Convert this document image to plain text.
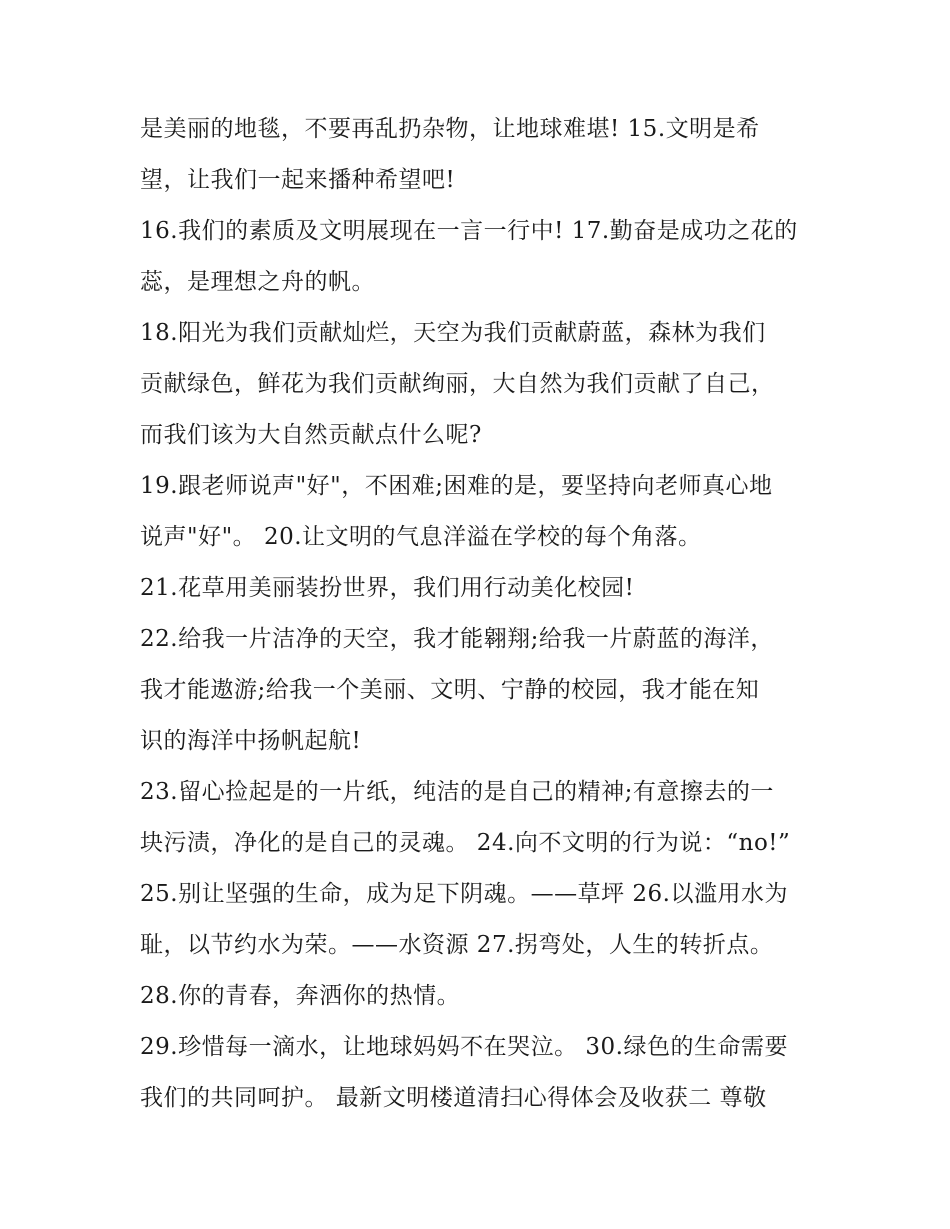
是美丽的地毯，不要再乱扔杂物，让地球难堪! 15.文明是希
望，让我们一起来播种希望吧!
16.我们的素质及文明展现在一言一行中! 17.勤奋是成功之花的
蕊，是理想之舟的帆。
18.阳光为我们贡献灿烂，天空为我们贡献蔚蓝，森林为我们
贡献绿色，鲜花为我们贡献绚丽，大自然为我们贡献了自己，
而我们该为大自然贡献点什么呢?
19.跟老师说声"好"，不困难;困难的是，要坚持向老师真心地
说声"好"。 20.让文明的气息洋溢在学校的每个角落。
21.花草用美丽装扮世界，我们用行动美化校园!
22.给我一片洁净的天空，我才能翱翔;给我一片蔚蓝的海洋，
我才能遨游;给我一个美丽、文明、宁静的校园，我才能在知
识的海洋中扬帆起航!
23.留心捡起是的一片纸，纯洁的是自己的精神;有意擦去的一
块污渍，净化的是自己的灵魂。 24.向不文明的行为说：“no!”
25.别让坚强的生命，成为足下阴魂。——草坪 26.以滥用水为
耻，以节约水为荣。——水资源 27.拐弯处，人生的转折点。
28.你的青春，奔洒你的热情。
29.珍惜每一滴水，让地球妈妈不在哭泣。 30.绿色的生命需要
我们的共同呵护。 最新文明楼道清扫心得体会及收获二 尊敬
